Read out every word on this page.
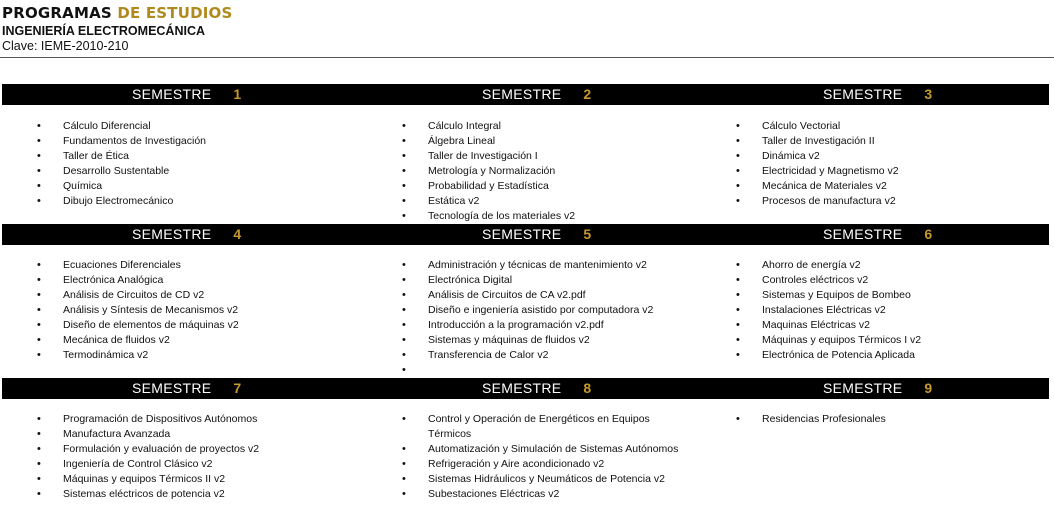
PROGRAMAS DE ESTUDIOS
INGENIERÍA ELECTROMECÁNICA
Clave: IEME-2010-210
SEMESTRE 1	SEMESTRE 2	SEMESTRE 3
• Cálculo Diferencial
• Fundamentos de Investigación
• Taller de Ética
• Desarrollo Sustentable
• Química
• Dibujo Electromecánico
• Cálculo Integral
• Álgebra Lineal
• Taller de Investigación I
• Metrología y Normalización
• Probabilidad y Estadística
• Estática v2
• Tecnología de los materiales v2
• Cálculo Vectorial
• Taller de Investigación II
• Dinámica v2
• Electricidad y Magnetismo v2
• Mecánica de Materiales v2
• Procesos de manufactura v2
SEMESTRE 4	SEMESTRE 5	SEMESTRE 6
• Ecuaciones Diferenciales
• Electrónica Analógica
• Análisis de Circuitos de CD v2
• Análisis y Síntesis de Mecanismos v2
• Diseño de elementos de máquinas v2
• Mecánica de fluidos v2
• Termodinámica v2
• Administración y técnicas de mantenimiento v2
• Electrónica Digital
• Análisis de Circuitos de CA v2.pdf
• Diseño e ingeniería asistido por computadora v2
• Introducción a la programación v2.pdf
• Sistemas y máquinas de fluidos v2
• Transferencia de Calor v2
•
• Ahorro de energía v2
• Controles eléctricos v2
• Sistemas y Equipos de Bombeo
• Instalaciones Eléctricas v2
• Maquinas Eléctricas v2
• Máquinas y equipos Térmicos I v2
• Electrónica de Potencia Aplicada
SEMESTRE 7	SEMESTRE 8	SEMESTRE 9
• Programación de Dispositivos Autónomos
• Manufactura Avanzada
• Formulación y evaluación de proyectos v2
• Ingeniería de Control Clásico v2
• Máquinas y equipos Térmicos II v2
• Sistemas eléctricos de potencia v2
• Control y Operación de Energéticos en Equipos Térmicos
• Automatización y Simulación de Sistemas Autónomos
• Refrigeración y Aire acondicionado v2
• Sistemas Hidráulicos y Neumáticos de Potencia v2
• Subestaciones Eléctricas v2
• Residencias Profesionales
